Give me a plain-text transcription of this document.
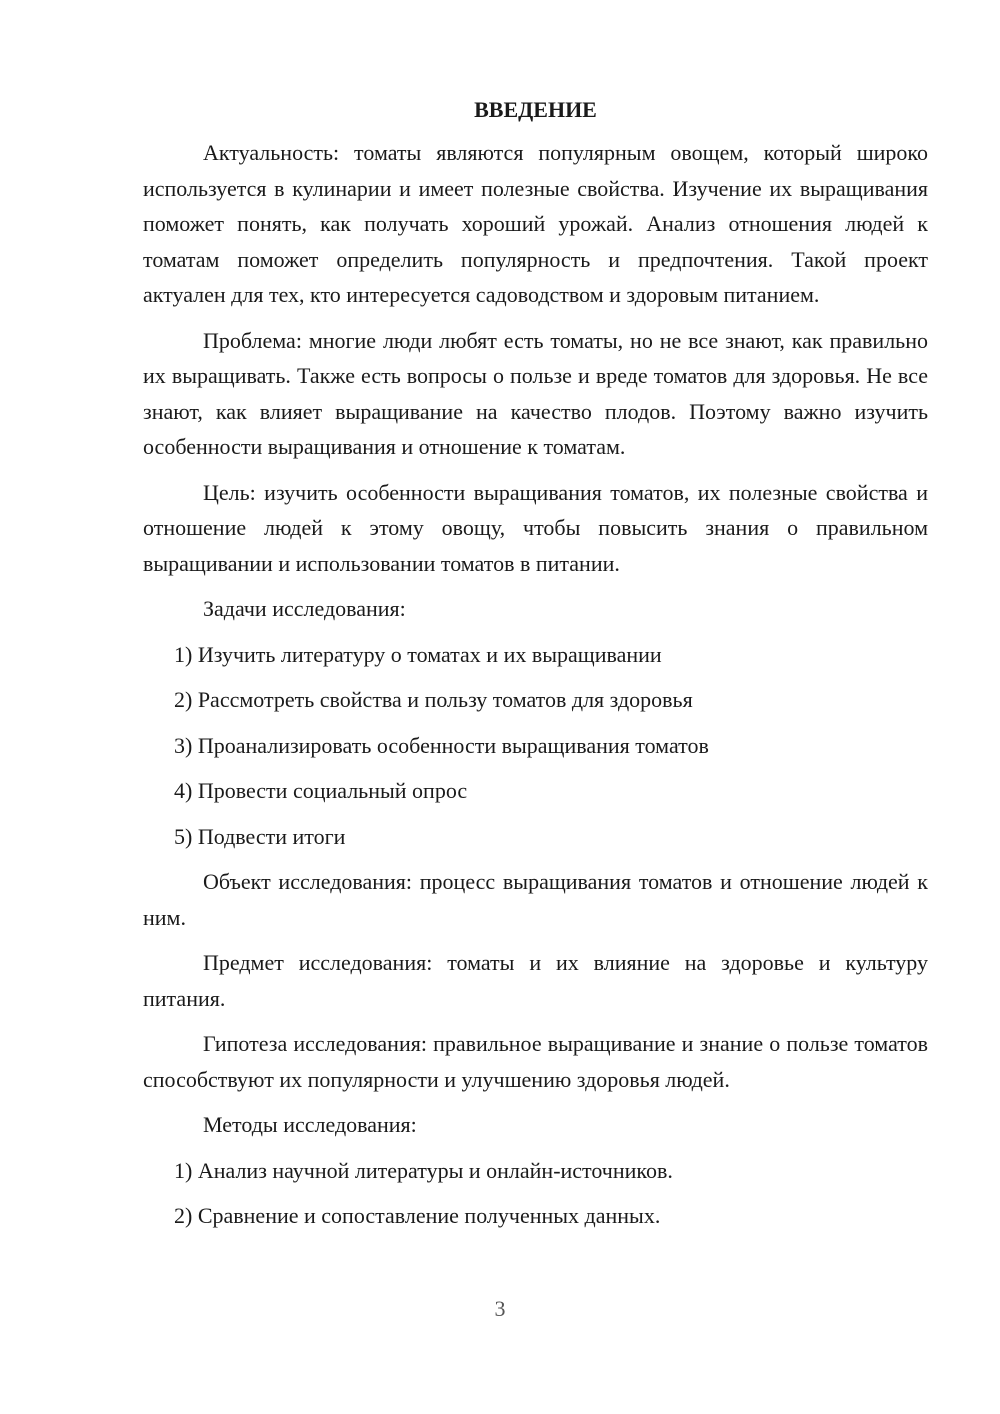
ВВЕДЕНИЕ

Актуальность: томаты являются популярным овощем, который широко используется в кулинарии и имеет полезные свойства. Изучение их выращивания поможет понять, как получать хороший урожай. Анализ отношения людей к томатам поможет определить популярность и предпочтения. Такой проект актуален для тех, кто интересуется садоводством и здоровым питанием.

Проблема: многие люди любят есть томаты, но не все знают, как правильно их выращивать. Также есть вопросы о пользе и вреде томатов для здоровья. Не все знают, как влияет выращивание на качество плодов. Поэтому важно изучить особенности выращивания и отношение к томатам.

Цель: изучить особенности выращивания томатов, их полезные свойства и отношение людей к этому овощу, чтобы повысить знания о правильном выращивании и использовании томатов в питании.

Задачи исследования:

1) Изучить литературу о томатах и их выращивании

2) Рассмотреть свойства и пользу томатов для здоровья

3) Проанализировать особенности выращивания томатов

4) Провести социальный опрос

5) Подвести итоги

Объект исследования: процесс выращивания томатов и отношение людей к ним.

Предмет исследования: томаты и их влияние на здоровье и культуру питания.

Гипотеза исследования: правильное выращивание и знание о пользе томатов способствуют их популярности и улучшению здоровья людей.

Методы исследования:

1) Анализ научной литературы и онлайн-источников.

2) Сравнение и сопоставление полученных данных.

3
